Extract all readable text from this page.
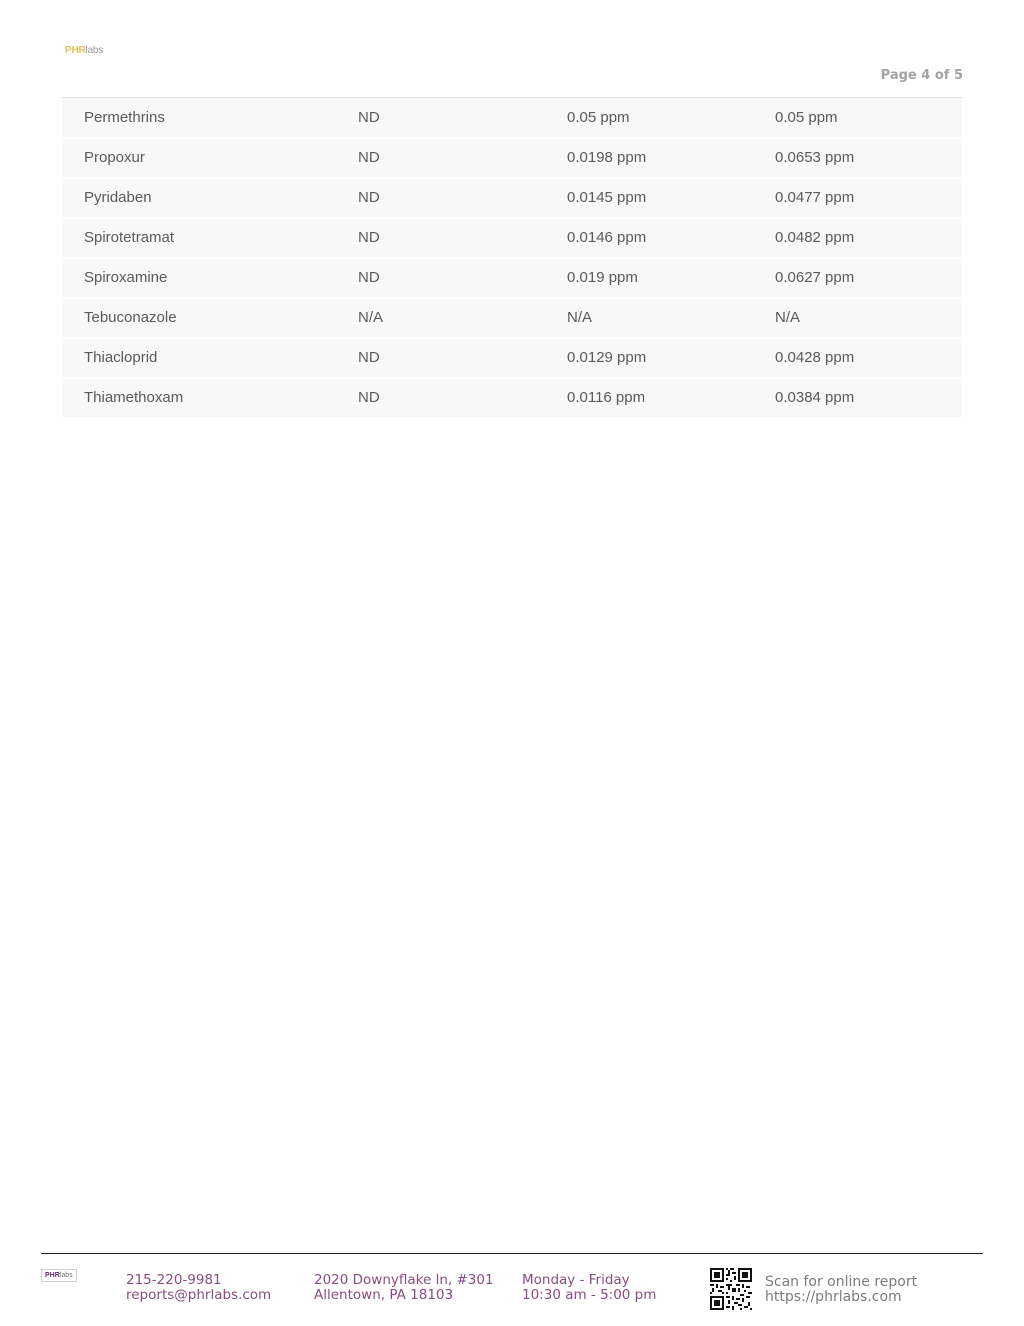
PHRlabs
Page 4 of 5
Permethrins	ND	0.05 ppm	0.05 ppm
Propoxur	ND	0.0198 ppm	0.0653 ppm
Pyridaben	ND	0.0145 ppm	0.0477 ppm
Spirotetramat	ND	0.0146 ppm	0.0482 ppm
Spiroxamine	ND	0.019 ppm	0.0627 ppm
Tebuconazole	N/A	N/A	N/A
Thiacloprid	ND	0.0129 ppm	0.0428 ppm
Thiamethoxam	ND	0.0116 ppm	0.0384 ppm
PHRlabs	215-220-9981
reports@phrlabs.com
2020 Downyflake ln, #301
Allentown, PA 18103
Monday - Friday
10:30 am - 5:00 pm
Scan for online report
https://phrlabs.com
